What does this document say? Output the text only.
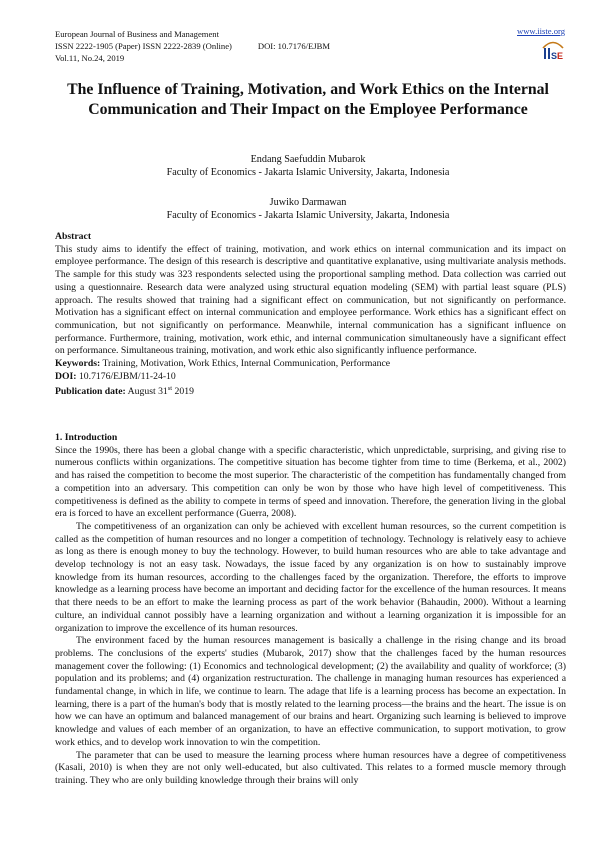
European Journal of Business and Management
ISSN 2222-1905 (Paper) ISSN 2222-2839 (Online)	DOI: 10.7176/EJBM
Vol.11, No.24, 2019
www.iiste.org
S E
The Influence of Training, Motivation, and Work Ethics on the Internal Communication and Their Impact on the Employee Performance
Endang Saefuddin Mubarok
Faculty of Economics - Jakarta Islamic University, Jakarta, Indonesia
Juwiko Darmawan
Faculty of Economics - Jakarta Islamic University, Jakarta, Indonesia
Abstract

This study aims to identify the effect of training, motivation, and work ethics on internal communication and its impact on employee performance. The design of this research is descriptive and quantitative explanative, using multivariate analysis methods. The sample for this study was 323 respondents selected using the proportional sampling method. Data collection was carried out using a questionnaire. Research data were analyzed using structural equation modeling (SEM) with partial least square (PLS) approach. The results showed that training had a significant effect on communication, but not significantly on performance. Motivation has a significant effect on internal communication and employee performance. Work ethics has a significant effect on communication, but not significantly on performance. Meanwhile, internal communication has a significant influence on performance. Furthermore, training, motivation, work ethic, and internal communication simultaneously have a significant effect on performance. Simultaneous training, motivation, and work ethic also significantly influence performance.

Keywords: Training, Motivation, Work Ethics, Internal Communication, Performance
DOI: 10.7176/EJBM/11-24-10
Publication date: August 31st 2019
1. Introduction

Since the 1990s, there has been a global change with a specific characteristic, which unpredictable, surprising, and giving rise to numerous conflicts within organizations. The competitive situation has become tighter from time to time (Berkema, et al., 2002) and has raised the competition to become the most superior. The characteristic of the competition has fundamentally changed from a competition into an adversary. This competition can only be won by those who have high level of competitiveness. This competitiveness is defined as the ability to compete in terms of speed and innovation. Therefore, the generation living in the global era is forced to have an excellent performance (Guerra, 2008).

The competitiveness of an organization can only be achieved with excellent human resources, so the current competition is called as the competition of human resources and no longer a competition of technology. Technology is relatively easy to achieve as long as there is enough money to buy the technology. However, to build human resources who are able to take advantage and develop technology is not an easy task. Nowadays, the issue faced by any organization is on how to sustainably improve knowledge from its human resources, according to the challenges faced by the organization. Therefore, the efforts to improve knowledge as a learning process have become an important and deciding factor for the excellence of the human resources. It means that there needs to be an effort to make the learning process as part of the work behavior (Bahaudin, 2000). Without a learning culture, an individual cannot possibly have a learning organization and without a learning organization it is impossible for an organization to improve the excellence of its human resources.

The environment faced by the human resources management is basically a challenge in the rising change and its broad problems. The conclusions of the experts' studies (Mubarok, 2017) show that the challenges faced by the human resources management cover the following: (1) Economics and technological development; (2) the availability and quality of workforce; (3) population and its problems; and (4) organization restructuration. The challenge in managing human resources has experienced a fundamental change, in which in life, we continue to learn. The adage that life is a learning process has become an expectation. In learning, there is a part of the human's body that is mostly related to the learning process—the brains and the heart. The issue is on how we can have an optimum and balanced management of our brains and heart. Organizing such learning is believed to improve knowledge and values of each member of an organization, to have an effective communication, to support motivation, to grow work ethics, and to develop work innovation to win the competition.

The parameter that can be used to measure the learning process where human resources have a degree of competitiveness (Kasali, 2010) is when they are not only well-educated, but also cultivated. This relates to a formed muscle memory through training. They who are only building knowledge through their brains will only
